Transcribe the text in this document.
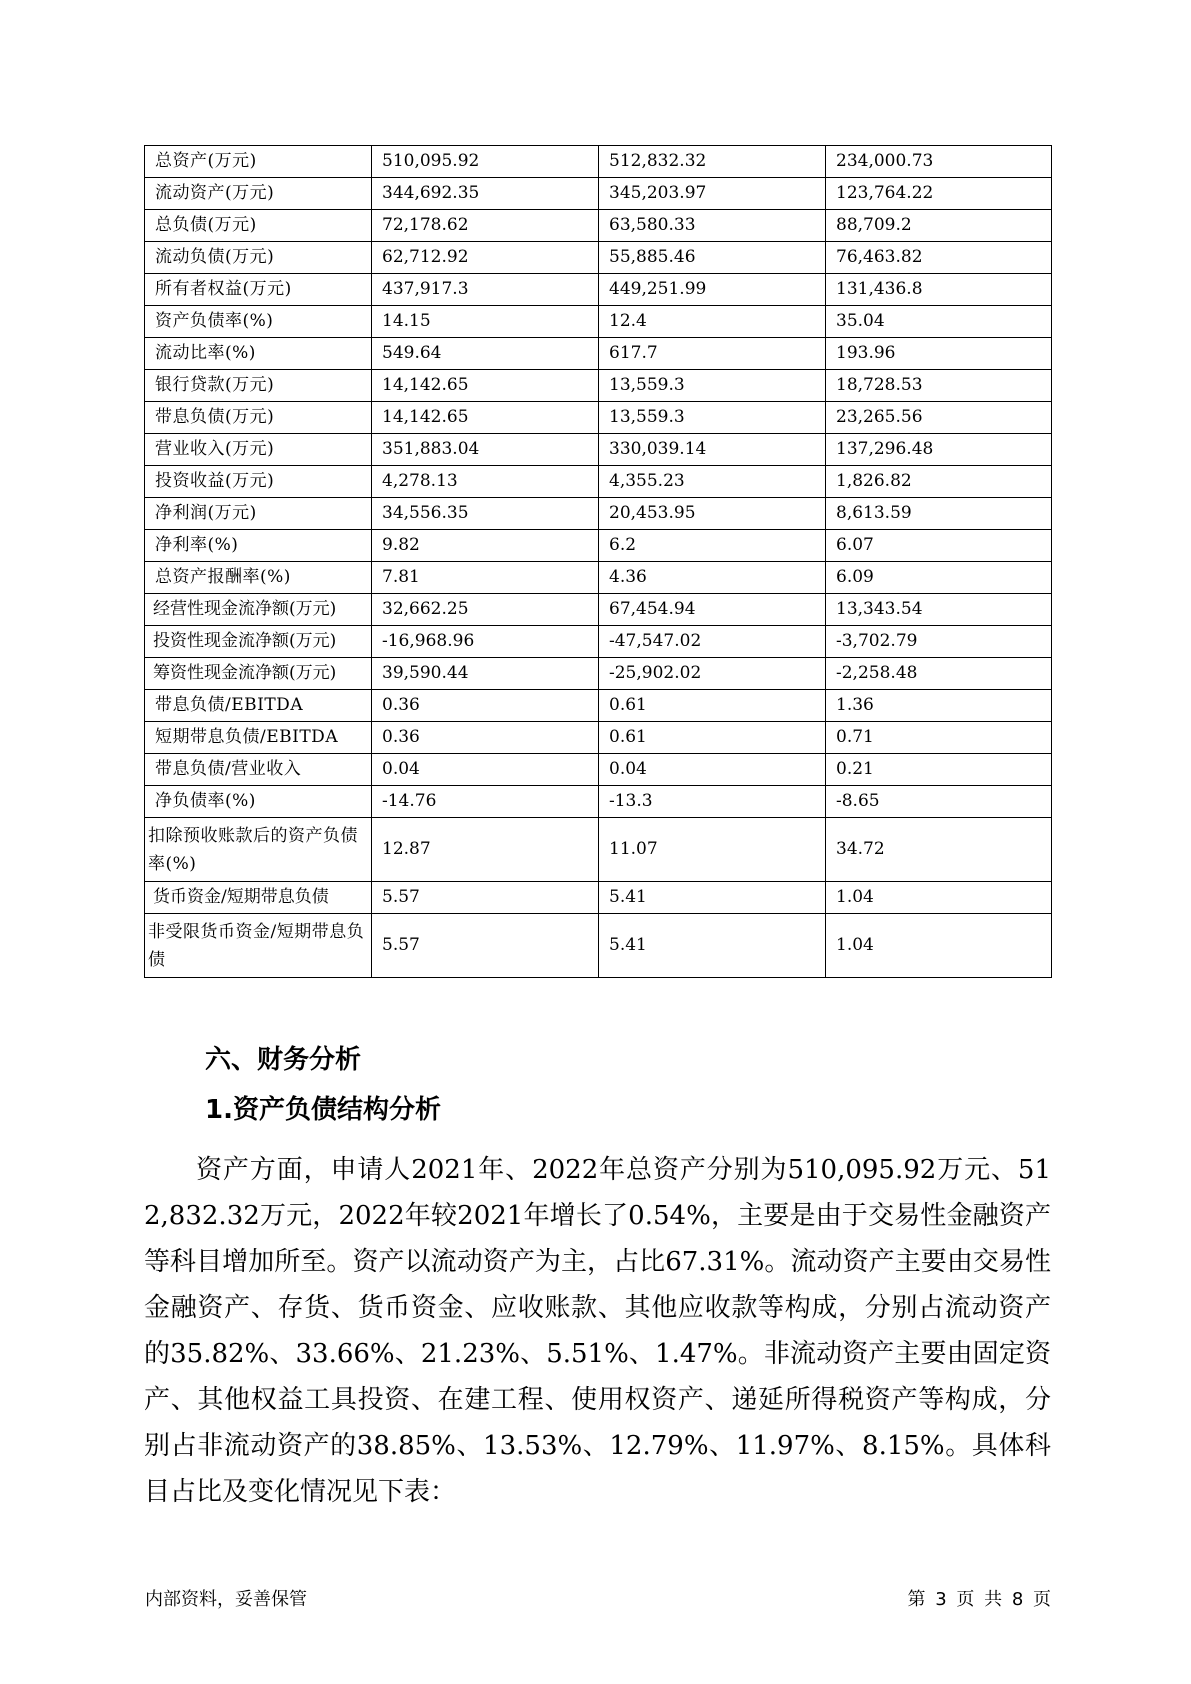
总资产(万元)	510,095.92	512,832.32	234,000.73
流动资产(万元)	344,692.35	345,203.97	123,764.22
总负债(万元)	72,178.62	63,580.33	88,709.2
流动负债(万元)	62,712.92	55,885.46	76,463.82
所有者权益(万元)	437,917.3	449,251.99	131,436.8
资产负债率(%)	14.15	12.4	35.04
流动比率(%)	549.64	617.7	193.96
银行贷款(万元)	14,142.65	13,559.3	18,728.53
带息负债(万元)	14,142.65	13,559.3	23,265.56
营业收入(万元)	351,883.04	330,039.14	137,296.48
投资收益(万元)	4,278.13	4,355.23	1,826.82
净利润(万元)	34,556.35	20,453.95	8,613.59
净利率(%)	9.82	6.2	6.07
总资产报酬率(%)	7.81	4.36	6.09
经营性现金流净额(万元)	32,662.25	67,454.94	13,343.54
投资性现金流净额(万元)	-16,968.96	-47,547.02	-3,702.79
筹资性现金流净额(万元)	39,590.44	-25,902.02	-2,258.48
带息负债/EBITDA	0.36	0.61	1.36
短期带息负债/EBITDA	0.36	0.61	0.71
带息负债/营业收入	0.04	0.04	0.21
净负债率(%)	-14.76	-13.3	-8.65
扣除预收账款后的资产负债率(%)	12.87	11.07	34.72
货币资金/短期带息负债	5.57	5.41	1.04
非受限货币资金/短期带息负债	5.57	5.41	1.04
六、财务分析
1.资产负债结构分析

资产方面，申请人2021年、2022年总资产分别为510,095.92万元、512,832.32万元，2022年较2021年增长了0.54%，主要是由于交易性金融资产等科目增加所至。资产以流动资产为主，占比67.31%。流动资产主要由交易性金融资产、存货、货币资金、应收账款、其他应收款等构成，分别占流动资产的35.82%、33.66%、21.23%、5.51%、1.47%。非流动资产主要由固定资产、其他权益工具投资、在建工程、使用权资产、递延所得税资产等构成，分别占非流动资产的38.85%、13.53%、12.79%、11.97%、8.15%。具体科目占比及变化情况见下表：

内部资料，妥善保管	第 3 页 共 8 页
